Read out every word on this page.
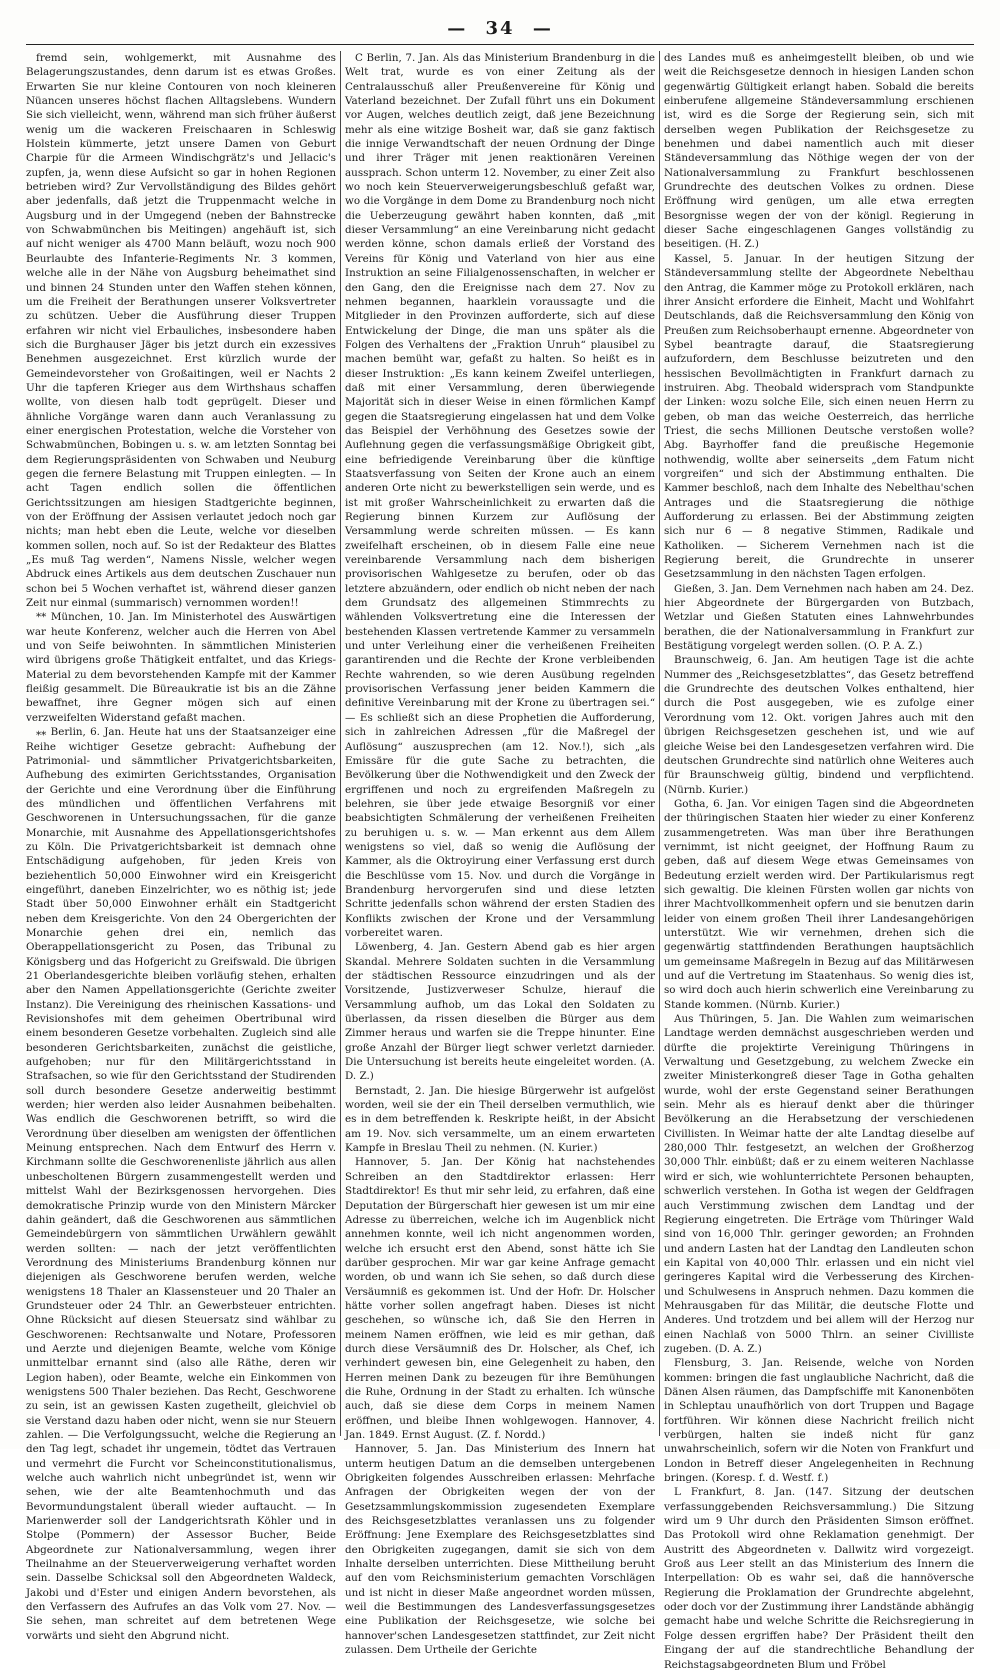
— 34 —

fremd sein, wohlgemerkt, mit Ausnahme des Belagerungszustandes, denn darum ist es etwas Großes. Erwarten Sie nur kleine Contouren von noch kleineren Nüancen unseres höchst flachen Alltagslebens. Wundern Sie sich vielleicht, wenn, während man sich früher äußerst wenig um die wackeren Freischaaren in Schleswig Holstein kümmerte, jetzt unsere Damen von Geburt Charpie für die Armeen Windischgrätz's und Jellacic's zupfen, ja, wenn diese Aufsicht so gar in hohen Regionen betrieben wird? Zur Vervollständigung des Bildes gehört aber jedenfalls, daß jetzt die Truppenmacht welche in Augsburg und in der Umgegend (neben der Bahnstrecke von Schwabmünchen bis Meitingen) angehäuft ist, sich auf nicht weniger als 4700 Mann beläuft, wozu noch 900 Beurlaubte des Infanterie-Regiments Nr. 3 kommen, welche alle in der Nähe von Augsburg beheimathet sind und binnen 24 Stunden unter den Waffen stehen können, um die Freiheit der Berathungen unserer Volksvertreter zu schützen. Ueber die Ausführung dieser Truppen erfahren wir nicht viel Erbauliches, insbesondere haben sich die Burghauser Jäger bis jetzt durch ein exzessives Benehmen ausgezeichnet. Erst kürzlich wurde der Gemeindevorsteher von Großaitingen, weil er Nachts 2 Uhr die tapferen Krieger aus dem Wirthshaus schaffen wollte, von diesen halb todt geprügelt. Dieser und ähnliche Vorgänge waren dann auch Veranlassung zu einer energischen Protestation, welche die Vorsteher von Schwabmünchen, Bobingen u. s. w. am letzten Sonntag bei dem Regierungspräsidenten von Schwaben und Neuburg gegen die fernere Belastung mit Truppen einlegten. — In acht Tagen endlich sollen die öffentlichen Gerichtssitzungen am hiesigen Stadtgerichte beginnen, von der Eröffnung der Assisen verlautet jedoch noch gar nichts; man hebt eben die Leute, welche vor dieselben kommen sollen, noch auf. So ist der Redakteur des Blattes „Es muß Tag werden“, Namens Nissle, welcher wegen Abdruck eines Artikels aus dem deutschen Zuschauer nun schon bei 5 Wochen verhaftet ist, während dieser ganzen Zeit nur einmal (summarisch) vernommen worden!!

** München, 10. Jan. Im Ministerhotel des Auswärtigen war heute Konferenz, welcher auch die Herren von Abel und von Seife beiwohnten. In sämmtlichen Ministerien wird übrigens große Thätigkeit entfaltet, und das Kriegs-Material zu dem bevorstehenden Kampfe mit der Kammer fleißig gesammelt. Die Büreaukratie ist bis an die Zähne bewaffnet, ihre Gegner mögen sich auf einen verzweifelten Widerstand gefaßt machen.

⁎⁎ Berlin, 6. Jan. Heute hat uns der Staatsanzeiger eine Reihe wichtiger Gesetze gebracht: Aufhebung der Patrimonial- und sämmtlicher Privatgerichtsbarkeiten, Aufhebung des eximirten Gerichtsstandes, Organisation der Gerichte und eine Verordnung über die Einführung des mündlichen und öffentlichen Verfahrens mit Geschworenen in Untersuchungssachen, für die ganze Monarchie, mit Ausnahme des Appellationsgerichtshofes zu Köln. Die Privatgerichtsbarkeit ist demnach ohne Entschädigung aufgehoben, für jeden Kreis von beziehentlich 50,000 Einwohner wird ein Kreisgericht eingeführt, daneben Einzelrichter, wo es nöthig ist; jede Stadt über 50,000 Einwohner erhält ein Stadtgericht neben dem Kreisgerichte. Von den 24 Obergerichten der Monarchie gehen drei ein, nemlich das Oberappellationsgericht zu Posen, das Tribunal zu Königsberg und das Hofgericht zu Greifswald. Die übrigen 21 Oberlandesgerichte bleiben vorläufig stehen, erhalten aber den Namen Appellationsgerichte (Gerichte zweiter Instanz). Die Vereinigung des rheinischen Kassations- und Revisionshofes mit dem geheimen Obertribunal wird einem besonderen Gesetze vorbehalten. Zugleich sind alle besonderen Gerichtsbarkeiten, zunächst die geistliche, aufgehoben; nur für den Militärgerichtsstand in Strafsachen, so wie für den Gerichtsstand der Studirenden soll durch besondere Gesetze anderweitig bestimmt werden; hier werden also leider Ausnahmen beibehalten. Was endlich die Geschworenen betrifft, so wird die Verordnung über dieselben am wenigsten der öffentlichen Meinung entsprechen. Nach dem Entwurf des Herrn v. Kirchmann sollte die Geschworenenliste jährlich aus allen unbescholtenen Bürgern zusammengestellt werden und mittelst Wahl der Bezirksgenossen hervorgehen. Dies demokratische Prinzip wurde von den Ministern Märcker dahin geändert, daß die Geschworenen aus sämmtlichen Gemeindebürgern von sämmtlichen Urwählern gewählt werden sollten: — nach der jetzt veröffentlichten Verordnung des Ministeriums Brandenburg können nur diejenigen als Geschworene berufen werden, welche wenigstens 18 Thaler an Klassensteuer und 20 Thaler an Grundsteuer oder 24 Thlr. an Gewerbsteuer entrichten. Ohne Rücksicht auf diesen Steuersatz sind wählbar zu Geschworenen: Rechtsanwalte und Notare, Professoren und Aerzte und diejenigen Beamte, welche vom Könige unmittelbar ernannt sind (also alle Räthe, deren wir Legion haben), oder Beamte, welche ein Einkommen von wenigstens 500 Thaler beziehen. Das Recht, Geschworene zu sein, ist an gewissen Kasten zugetheilt, gleichviel ob sie Verstand dazu haben oder nicht, wenn sie nur Steuern zahlen. — Die Verfolgungssucht, welche die Regierung an den Tag legt, schadet ihr ungemein, tödtet das Vertrauen und vermehrt die Furcht vor Scheinconstitutionalismus, welche auch wahrlich nicht unbegründet ist, wenn wir sehen, wie der alte Beamtenhochmuth und das Bevormundungstalent überall wieder auftaucht. — In Marienwerder soll der Landgerichtsrath Köhler und in Stolpe (Pommern) der Assessor Bucher, Beide Abgeordnete zur Nationalversammlung, wegen ihrer Theilnahme an der Steuerverweigerung verhaftet worden sein. Dasselbe Schicksal soll den Abgeordneten Waldeck, Jakobi und d'Ester und einigen Andern bevorstehen, als den Verfassern des Aufrufes an das Volk vom 27. Nov. — Sie sehen, man schreitet auf dem betretenen Wege vorwärts und sieht den Abgrund nicht.

C Berlin, 7. Jan. Als das Ministerium Brandenburg in die Welt trat, wurde es von einer Zeitung als der Centralausschuß aller Preußenvereine für König und Vaterland bezeichnet. Der Zufall führt uns ein Dokument vor Augen, welches deutlich zeigt, daß jene Bezeichnung mehr als eine witzige Bosheit war, daß sie ganz faktisch die innige Verwandtschaft der neuen Ordnung der Dinge und ihrer Träger mit jenen reaktionären Vereinen aussprach. Schon unterm 12. November, zu einer Zeit also wo noch kein Steuerverweigerungsbeschluß gefaßt war, wo die Vorgänge in dem Dome zu Brandenburg noch nicht die Ueberzeugung gewährt haben konnten, daß „mit dieser Versammlung“ an eine Vereinbarung nicht gedacht werden könne, schon damals erließ der Vorstand des Vereins für König und Vaterland von hier aus eine Instruktion an seine Filialgenossenschaften, in welcher er den Gang, den die Ereignisse nach dem 27. Nov zu nehmen begannen, haarklein voraussagte und die Mitglieder in den Provinzen aufforderte, sich auf diese Entwickelung der Dinge, die man uns später als die Folgen des Verhaltens der „Fraktion Unruh“ plausibel zu machen bemüht war, gefaßt zu halten. So heißt es in dieser Instruktion: „Es kann keinem Zweifel unterliegen, daß mit einer Versammlung, deren überwiegende Majorität sich in dieser Weise in einen förmlichen Kampf gegen die Staatsregierung eingelassen hat und dem Volke das Beispiel der Verhöhnung des Gesetzes sowie der Auflehnung gegen die verfassungsmäßige Obrigkeit gibt, eine befriedigende Vereinbarung über die künftige Staatsverfassung von Seiten der Krone auch an einem anderen Orte nicht zu bewerkstelligen sein werde, und es ist mit großer Wahrscheinlichkeit zu erwarten daß die Regierung binnen Kurzem zur Auflösung der Versammlung werde schreiten müssen. — Es kann zweifelhaft erscheinen, ob in diesem Falle eine neue vereinbarende Versammlung nach dem bisherigen provisorischen Wahlgesetze zu berufen, oder ob das letztere abzuändern, oder endlich ob nicht neben der nach dem Grundsatz des allgemeinen Stimmrechts zu wählenden Volksvertretung eine die Interessen der bestehenden Klassen vertretende Kammer zu versammeln und unter Verleihung einer die verheißenen Freiheiten garantirenden und die Rechte der Krone verbleibenden Rechte wahrenden, so wie deren Ausübung regelnden provisorischen Verfassung jener beiden Kammern die definitive Vereinbarung mit der Krone zu übertragen sei.“ — Es schließt sich an diese Prophetien die Aufforderung, sich in zahlreichen Adressen „für die Maßregel der Auflösung“ auszusprechen (am 12. Nov.!), sich „als Emissäre für die gute Sache zu betrachten, die Bevölkerung über die Nothwendigkeit und den Zweck der ergriffenen und noch zu ergreifenden Maßregeln zu belehren, sie über jede etwaige Besorgniß vor einer beabsichtigten Schmälerung der verheißenen Freiheiten zu beruhigen u. s. w. — Man erkennt aus dem Allem wenigstens so viel, daß so wenig die Auflösung der Kammer, als die Oktroyirung einer Verfassung erst durch die Beschlüsse vom 15. Nov. und durch die Vorgänge in Brandenburg hervorgerufen sind und diese letzten Schritte jedenfalls schon während der ersten Stadien des Konflikts zwischen der Krone und der Versammlung vorbereitet waren.

Löwenberg, 4. Jan. Gestern Abend gab es hier argen Skandal. Mehrere Soldaten suchten in die Versammlung der städtischen Ressource einzudringen und als der Vorsitzende, Justizverweser Schulze, hierauf die Versammlung aufhob, um das Lokal den Soldaten zu überlassen, da rissen dieselben die Bürger aus dem Zimmer heraus und warfen sie die Treppe hinunter. Eine große Anzahl der Bürger liegt schwer verletzt darnieder. Die Untersuchung ist bereits heute eingeleitet worden. (A. D. Z.)

Bernstadt, 2. Jan. Die hiesige Bürgerwehr ist aufgelöst worden, weil sie der ein Theil derselben vermuthlich, wie es in dem betreffenden k. Reskripte heißt, in der Absicht am 19. Nov. sich versammelte, um an einem erwarteten Kampfe in Breslau Theil zu nehmen. (N. Kurier.)

Hannover, 5. Jan. Der König hat nachstehendes Schreiben an den Stadtdirektor erlassen: Herr Stadtdirektor! Es thut mir sehr leid, zu erfahren, daß eine Deputation der Bürgerschaft hier gewesen ist um mir eine Adresse zu überreichen, welche ich im Augenblick nicht annehmen konnte, weil ich nicht angenommen worden, welche ich ersucht erst den Abend, sonst hätte ich Sie darüber gesprochen. Mir war gar keine Anfrage gemacht worden, ob und wann ich Sie sehen, so daß durch diese Versäumniß es gekommen ist. Und der Hofr. Dr. Holscher hätte vorher sollen angefragt haben. Dieses ist nicht geschehen, so wünsche ich, daß Sie den Herren in meinem Namen eröffnen, wie leid es mir gethan, daß durch diese Versäumniß des Dr. Holscher, als Chef, ich verhindert gewesen bin, eine Gelegenheit zu haben, den Herren meinen Dank zu bezeugen für ihre Bemühungen die Ruhe, Ordnung in der Stadt zu erhalten. Ich wünsche auch, daß sie diese dem Corps in meinem Namen eröffnen, und bleibe Ihnen wohlgewogen. Hannover, 4. Jan. 1849. Ernst August. (Z. f. Nordd.)

Hannover, 5. Jan. Das Ministerium des Innern hat unterm heutigen Datum an die demselben untergebenen Obrigkeiten folgendes Ausschreiben erlassen: Mehrfache Anfragen der Obrigkeiten wegen der von der Gesetzsammlungskommission zugesendeten Exemplare des Reichsgesetzblattes veranlassen uns zu folgender Eröffnung: Jene Exemplare des Reichsgesetzblattes sind den Obrigkeiten zugegangen, damit sie sich von dem Inhalte derselben unterrichten. Diese Mittheilung beruht auf den vom Reichsministerium gemachten Vorschlägen und ist nicht in dieser Maße angeordnet worden müssen, weil die Bestimmungen des Landesverfassungsgesetzes eine Publikation der Reichsgesetze, wie solche bei hannover'schen Landesgesetzen stattfindet, zur Zeit nicht zulassen. Dem Urtheile der Gerichte

des Landes muß es anheimgestellt bleiben, ob und wie weit die Reichsgesetze dennoch in hiesigen Landen schon gegenwärtig Gültigkeit erlangt haben. Sobald die bereits einberufene allgemeine Ständeversammlung erschienen ist, wird es die Sorge der Regierung sein, sich mit derselben wegen Publikation der Reichsgesetze zu benehmen und dabei namentlich auch mit dieser Ständeversammlung das Nöthige wegen der von der Nationalversammlung zu Frankfurt beschlossenen Grundrechte des deutschen Volkes zu ordnen. Diese Eröffnung wird genügen, um alle etwa erregten Besorgnisse wegen der von der königl. Regierung in dieser Sache eingeschlagenen Ganges vollständig zu beseitigen. (H. Z.)

Kassel, 5. Januar. In der heutigen Sitzung der Ständeversammlung stellte der Abgeordnete Nebelthau den Antrag, die Kammer möge zu Protokoll erklären, nach ihrer Ansicht erfordere die Einheit, Macht und Wohlfahrt Deutschlands, daß die Reichsversammlung den König von Preußen zum Reichsoberhaupt ernenne. Abgeordneter von Sybel beantragte darauf, die Staatsregierung aufzufordern, dem Beschlusse beizutreten und den hessischen Bevollmächtigten in Frankfurt darnach zu instruiren. Abg. Theobald widersprach vom Standpunkte der Linken: wozu solche Eile, sich einen neuen Herrn zu geben, ob man das weiche Oesterreich, das herrliche Triest, die sechs Millionen Deutsche verstoßen wolle? Abg. Bayrhoffer fand die preußische Hegemonie nothwendig, wollte aber seinerseits „dem Fatum nicht vorgreifen“ und sich der Abstimmung enthalten. Die Kammer beschloß, nach dem Inhalte des Nebelthau'schen Antrages und die Staatsregierung die nöthige Aufforderung zu erlassen. Bei der Abstimmung zeigten sich nur 6 — 8 negative Stimmen, Radikale und Katholiken. — Sicherem Vernehmen nach ist die Regierung bereit, die Grundrechte in unserer Gesetzsammlung in den nächsten Tagen erfolgen.

Gießen, 3. Jan. Dem Vernehmen nach haben am 24. Dez. hier Abgeordnete der Bürgergarden von Butzbach, Wetzlar und Gießen Statuten eines Lahnwehrbundes berathen, die der Nationalversammlung in Frankfurt zur Bestätigung vorgelegt werden sollen. (O. P. A. Z.)

Braunschweig, 6. Jan. Am heutigen Tage ist die achte Nummer des „Reichsgesetzblattes“, das Gesetz betreffend die Grundrechte des deutschen Volkes enthaltend, hier durch die Post ausgegeben, wie es zufolge einer Verordnung vom 12. Okt. vorigen Jahres auch mit den übrigen Reichsgesetzen geschehen ist, und wie auf gleiche Weise bei den Landesgesetzen verfahren wird. Die deutschen Grundrechte sind natürlich ohne Weiteres auch für Braunschweig gültig, bindend und verpflichtend. (Nürnb. Kurier.)

Gotha, 6. Jan. Vor einigen Tagen sind die Abgeordneten der thüringischen Staaten hier wieder zu einer Konferenz zusammengetreten. Was man über ihre Berathungen vernimmt, ist nicht geeignet, der Hoffnung Raum zu geben, daß auf diesem Wege etwas Gemeinsames von Bedeutung erzielt werden wird. Der Partikularismus regt sich gewaltig. Die kleinen Fürsten wollen gar nichts von ihrer Machtvollkommenheit opfern und sie benutzen darin leider von einem großen Theil ihrer Landesangehörigen unterstützt. Wie wir vernehmen, drehen sich die gegenwärtig stattfindenden Berathungen hauptsächlich um gemeinsame Maßregeln in Bezug auf das Militärwesen und auf die Vertretung im Staatenhaus. So wenig dies ist, so wird doch auch hierin schwerlich eine Vereinbarung zu Stande kommen. (Nürnb. Kurier.)

Aus Thüringen, 5. Jan. Die Wahlen zum weimarischen Landtage werden demnächst ausgeschrieben werden und dürfte die projektirte Vereinigung Thüringens in Verwaltung und Gesetzgebung, zu welchem Zwecke ein zweiter Ministerkongreß dieser Tage in Gotha gehalten wurde, wohl der erste Gegenstand seiner Berathungen sein. Mehr als es hierauf denkt aber die thüringer Bevölkerung an die Herabsetzung der verschiedenen Civillisten. In Weimar hatte der alte Landtag dieselbe auf 280,000 Thlr. festgesetzt, an welchen der Großherzog 30,000 Thlr. einbüßt; daß er zu einem weiteren Nachlasse wird er sich, wie wohlunterrichtete Personen behaupten, schwerlich verstehen. In Gotha ist wegen der Geldfragen auch Verstimmung zwischen dem Landtag und der Regierung eingetreten. Die Erträge vom Thüringer Wald sind von 16,000 Thlr. geringer geworden; an Frohnden und andern Lasten hat der Landtag den Landleuten schon ein Kapital von 40,000 Thlr. erlassen und ein nicht viel geringeres Kapital wird die Verbesserung des Kirchen- und Schulwesens in Anspruch nehmen. Dazu kommen die Mehrausgaben für das Militär, die deutsche Flotte und Anderes. Und trotzdem und bei allem will der Herzog nur einen Nachlaß von 5000 Thlrn. an seiner Civilliste zugeben. (D. A. Z.)

Flensburg, 3. Jan. Reisende, welche von Norden kommen: bringen die fast unglaubliche Nachricht, daß die Dänen Alsen räumen, das Dampfschiffe mit Kanonenböten in Schleptau unaufhörlich von dort Truppen und Bagage fortführen. Wir können diese Nachricht freilich nicht verbürgen, halten sie indeß nicht für ganz unwahrscheinlich, sofern wir die Noten von Frankfurt und London in Betreff dieser Angelegenheiten in Rechnung bringen. (Koresp. f. d. Westf. f.)

L Frankfurt, 8. Jan. (147. Sitzung der deutschen verfassunggebenden Reichsversammlung.) Die Sitzung wird um 9 Uhr durch den Präsidenten Simson eröffnet. Das Protokoll wird ohne Reklamation genehmigt. Der Austritt des Abgeordneten v. Dallwitz wird vorgezeigt. Groß aus Leer stellt an das Ministerium des Innern die Interpellation: Ob es wahr sei, daß die hannöversche Regierung die Proklamation der Grundrechte abgelehnt, oder doch vor der Zustimmung ihrer Landstände abhängig gemacht habe und welche Schritte die Reichsregierung in Folge dessen ergriffen habe? Der Präsident theilt den Eingang der auf die standrechtliche Behandlung der Reichstagsabgeordneten Blum und Fröbel
